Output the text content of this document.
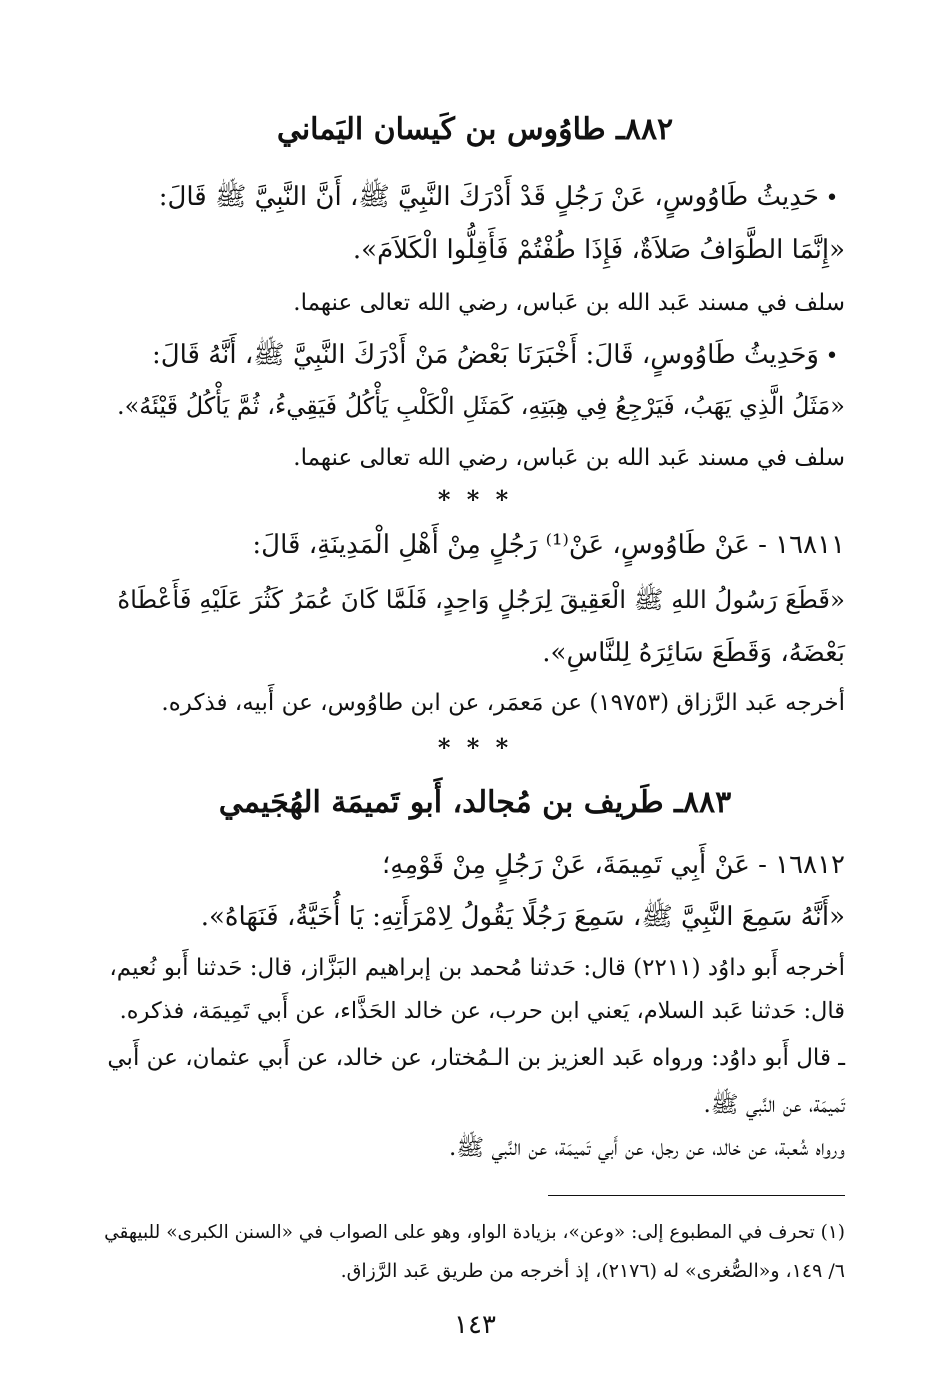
٨٨٢ـ طاوُوس بن كَيسان اليَماني
•حَدِيثُ طَاوُوسٍ، عَنْ رَجُلٍ قَدْ أَدْرَكَ النَّبِيَّ ﷺ، أَنَّ النَّبِيَّ ﷺ قَالَ:
«إِنَّمَا الطَّوَافُ صَلاَةٌ، فَإِذَا طُفْتُمْ فَأَقِلُّوا الْكَلاَمَ».
سلف في مسند عَبد الله بن عَباس، رضي الله تعالى عنهما.
•وَحَدِيثُ طَاوُوسٍ، قَالَ: أَخْبَرَنَا بَعْضُ مَنْ أَدْرَكَ النَّبِيَّ ﷺ، أَنَّهُ قَالَ:
«مَثَلُ الَّذِي يَهَبُ، فَيَرْجِعُ فِي هِبَتِهِ، كَمَثَلِ الْكَلْبِ يَأْكُلُ فَيَقِيءُ، ثُمَّ يَأْكُلُ قَيْئَهُ».
سلف في مسند عَبد الله بن عَباس، رضي الله تعالى عنهما.
* * *
١٦٨١١ - عَنْ طَاوُوسٍ، عَنْ⁽¹⁾ رَجُلٍ مِنْ أَهْلِ الْمَدِينَةِ، قَالَ:
«قَطَعَ رَسُولُ اللهِ ﷺ الْعَقِيقَ لِرَجُلٍ وَاحِدٍ، فَلَمَّا كَانَ عُمَرُ كَثُرَ عَلَيْهِ فَأَعْطَاهُ
بَعْضَهُ، وَقَطَعَ سَائِرَهُ لِلنَّاسِ».
أخرجه عَبد الرَّزاق (١٩٧٥٣) عن مَعمَر، عن ابن طاوُوس، عن أَبيه، فذكره.
* * *
٨٨٣ـ طَريف بن مُجالد، أَبو تَميمَة الهُجَيمي
١٦٨١٢ - عَنْ أَبِي تَمِيمَةَ، عَنْ رَجُلٍ مِنْ قَوْمِهِ؛
«أَنَّهُ سَمِعَ النَّبِيَّ ﷺ، سَمِعَ رَجُلًا يَقُولُ لِامْرَأَتِهِ: يَا أُخَيَّةُ، فَنَهَاهُ».
أخرجه أَبو داوُد (٢٢١١) قال: حَدثنا مُحمد بن إبراهيم البَزَّاز، قال: حَدثنا أَبو نُعيم،
قال: حَدثنا عَبد السلام، يَعني ابن حرب، عن خالد الحَذَّاء، عن أَبي تَمِيمَة، فذكره.
ـ قال أَبو داوُد: ورواه عَبد العزيز بن الـمُختار، عن خالد، عن أَبي عثمان، عن أَبي
تَميمَة، عن النَّبي ﷺ.
ورواه شُعبة، عن خالد، عن رجل، عن أَبي تَميمَة، عن النَّبي ﷺ.
(١) تحرف في المطبوع إلى: «وعن»، بزيادة الواو، وهو على الصواب في «السنن الكبرى» للبيهقي
٦/ ١٤٩، و«الصُّغرى» له (٢١٧٦)، إذ أخرجه من طريق عَبد الرَّزاق.
١٤٣
